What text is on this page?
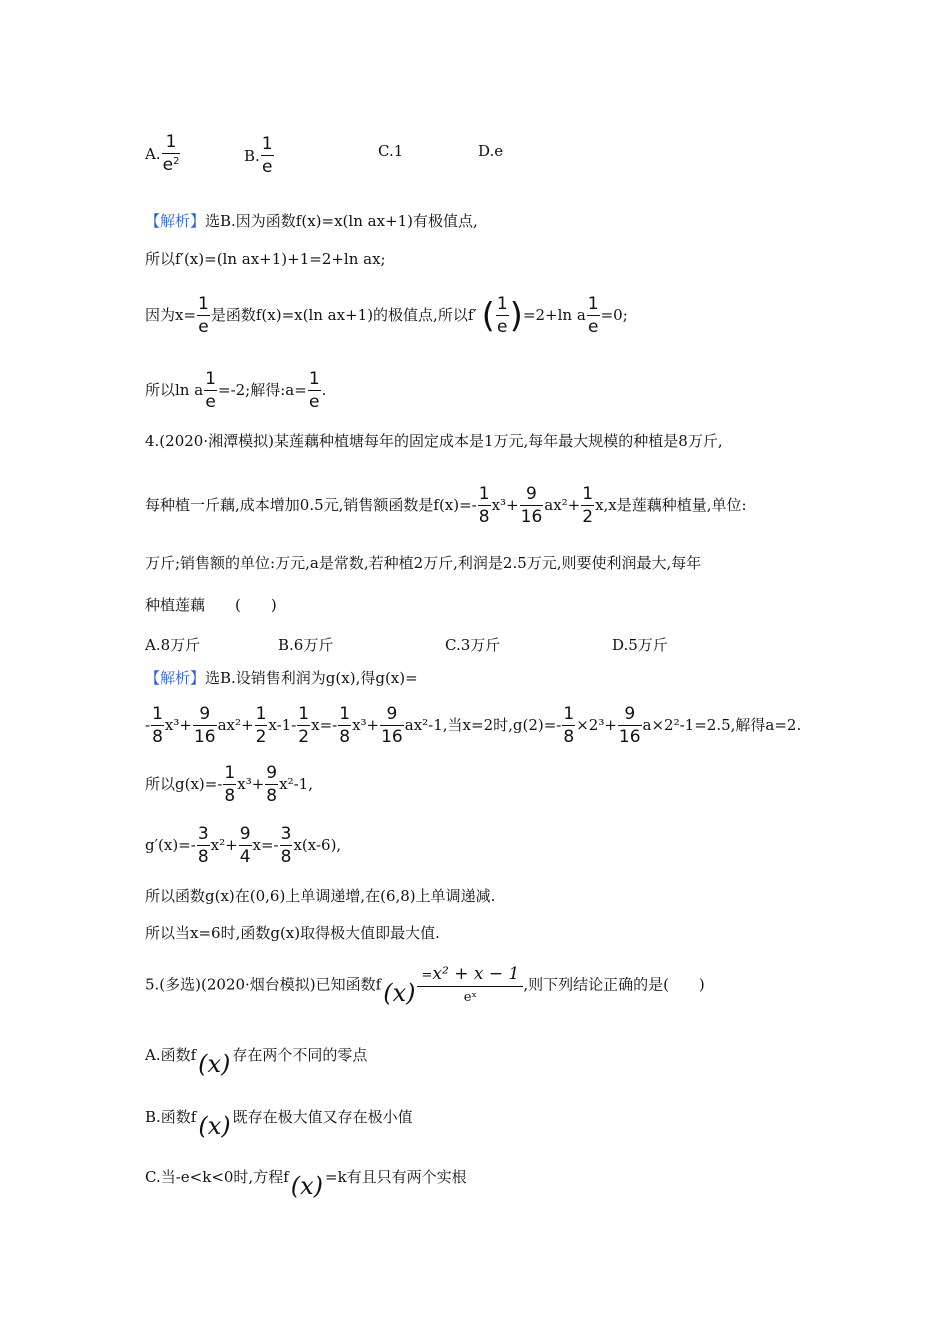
A. $\frac{1}{e^2}$	B. $\frac{1}{e}$	C.1	D.e
【解析】选B.因为函数f(x)=x(ln ax+1)有极值点,
所以f′(x)=(ln ax+1)+1=2+ln ax;
因为$x= \frac{1}{e}$ 是函数f(x)=x(ln ax+1)的极值点,所以f′ ( $\frac{1}{e} )=2+\ln$ a $\frac{1}{e} =0$;
所以ln a $\frac{1}{e} =-2$;解得:a= $\frac{1}{e}$ .
4.(2020·湘潭模拟)某莲藕种植塘每年的固定成本是1万元,每年最大规模的种植是8万斤,
每种植一斤藕,成本增加0.5元,销售额函数是$f(x)=- \frac{1}{8} x^3+ \frac{9}{16} ax^2+ \frac{1}{2} x,x$是莲藕种植量,单位:
万斤;销售额的单位:万元,a是常数,若种植2万斤,利润是2.5万元,则要使利润最大,每年
种植莲藕　　(　　)
A.8万斤	B.6万斤	C.3万斤	D.5万斤
【解析】选B.设销售利润为g(x),得g(x)=
- $\frac{1}{8} x^3+ \frac{9}{16} ax^2+ \frac{1}{2} x-1- \frac{1}{2} x=- \frac{1}{8} x^3+ \frac{9}{16} ax^2-1$,当x=2时$,g(2)=- \frac{1}{8} \times 2^3+ \frac{9}{16} a\times 2^2-1=2.5$,解得a=2.
所以$g(x)=- \frac{1}{8} x^3+ \frac{9}{8} x^2-1$,
$g'(x)=- \frac{3}{8} x^2+ \frac{9}{4} x=- \frac{3}{8} x(x-6)$,
所以函数g(x)在(0,6)上单调递增,在(6,8)上单调递减.
所以当x=6时,函数g(x)取得极大值即最大值.
5.(多选)(2020·烟台模拟)已知函数$f(x) \frac{\text{=x² + x − 1}}{\text{eˣ}}$ ,则下列结论正确的是(　　)
A.函数f(x) 存在两个不同的零点
B.函数f(x) 既存在极大值又存在极小值
C.当-e<k<0时,方程f(x) =k有且只有两个实根
